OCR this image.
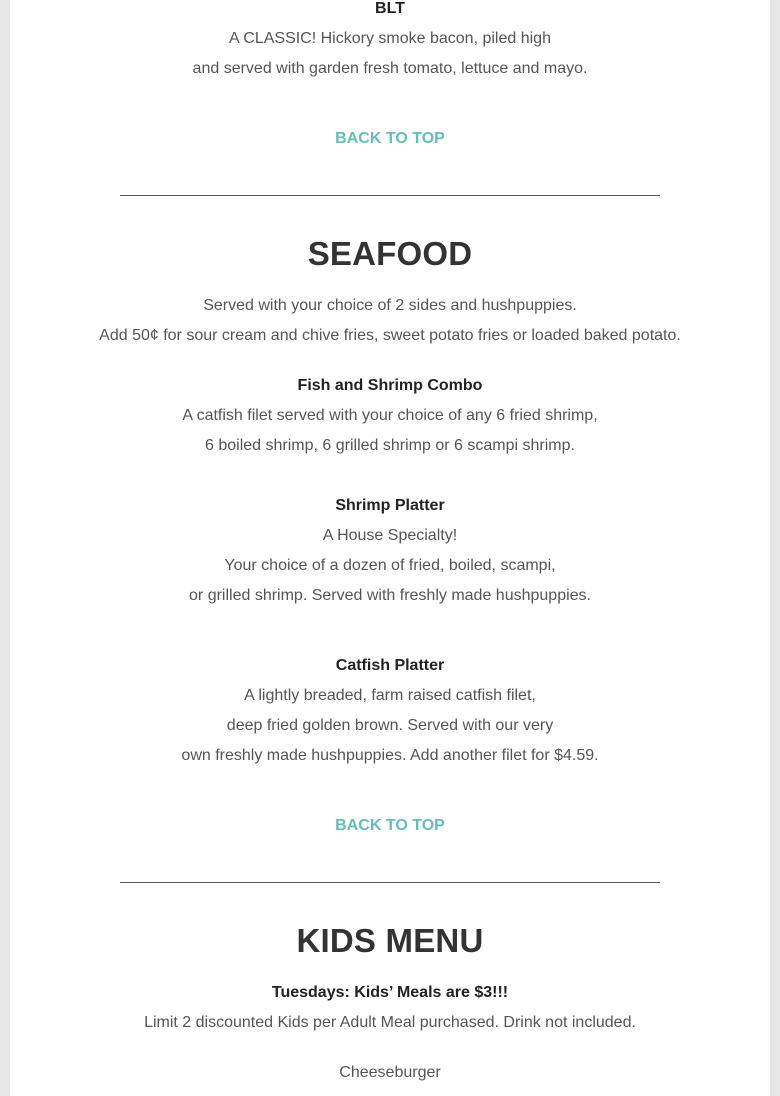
BLT
A CLASSIC! Hickory smoke bacon, piled high
and served with garden fresh tomato, lettuce and mayo.
BACK TO TOP
SEAFOOD
Served with your choice of 2 sides and hushpuppies.
Add 50¢ for sour cream and chive fries, sweet potato fries or loaded baked potato.
Fish and Shrimp Combo
A catfish filet served with your choice of any 6 fried shrimp,
6 boiled shrimp, 6 grilled shrimp or 6 scampi shrimp.
Shrimp Platter
A House Specialty!
Your choice of a dozen of fried, boiled, scampi,
or grilled shrimp. Served with freshly made hushpuppies.
Catfish Platter
A lightly breaded, farm raised catfish filet,
deep fried golden brown. Served with our very
own freshly made hushpuppies. Add another filet for $4.59.
BACK TO TOP
KIDS MENU
Tuesdays: Kids’ Meals are $3!!!
Limit 2 discounted Kids per Adult Meal purchased. Drink not included.
Cheeseburger
